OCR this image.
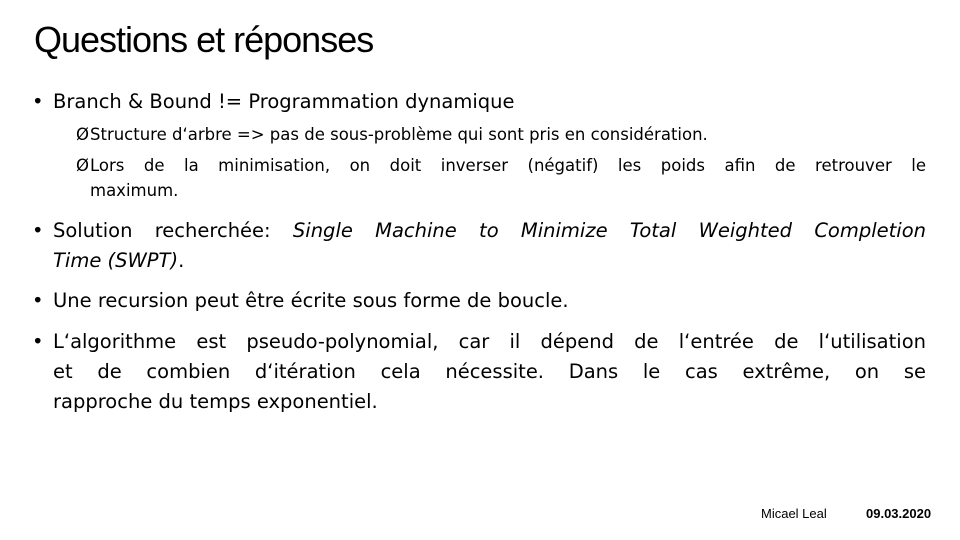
Questions et réponses
• Branch & Bound != Programmation dynamique
Ø Structure d‘arbre => pas de sous-problème qui sont pris en considération.
Ø Lors de la minimisation, on doit inverser (négatif) les poids afin de retrouver le
maximum.
• Solution recherchée: Single Machine to Minimize Total Weighted Completion
Time (SWPT).
• Une recursion peut être écrite sous forme de boucle.
• L‘algorithme est pseudo-polynomial, car il dépend de l‘entrée de l‘utilisation
et de combien d‘itération cela nécessite. Dans le cas extrême, on se
rapproche du temps exponentiel.
Micael Leal	09.03.2020
